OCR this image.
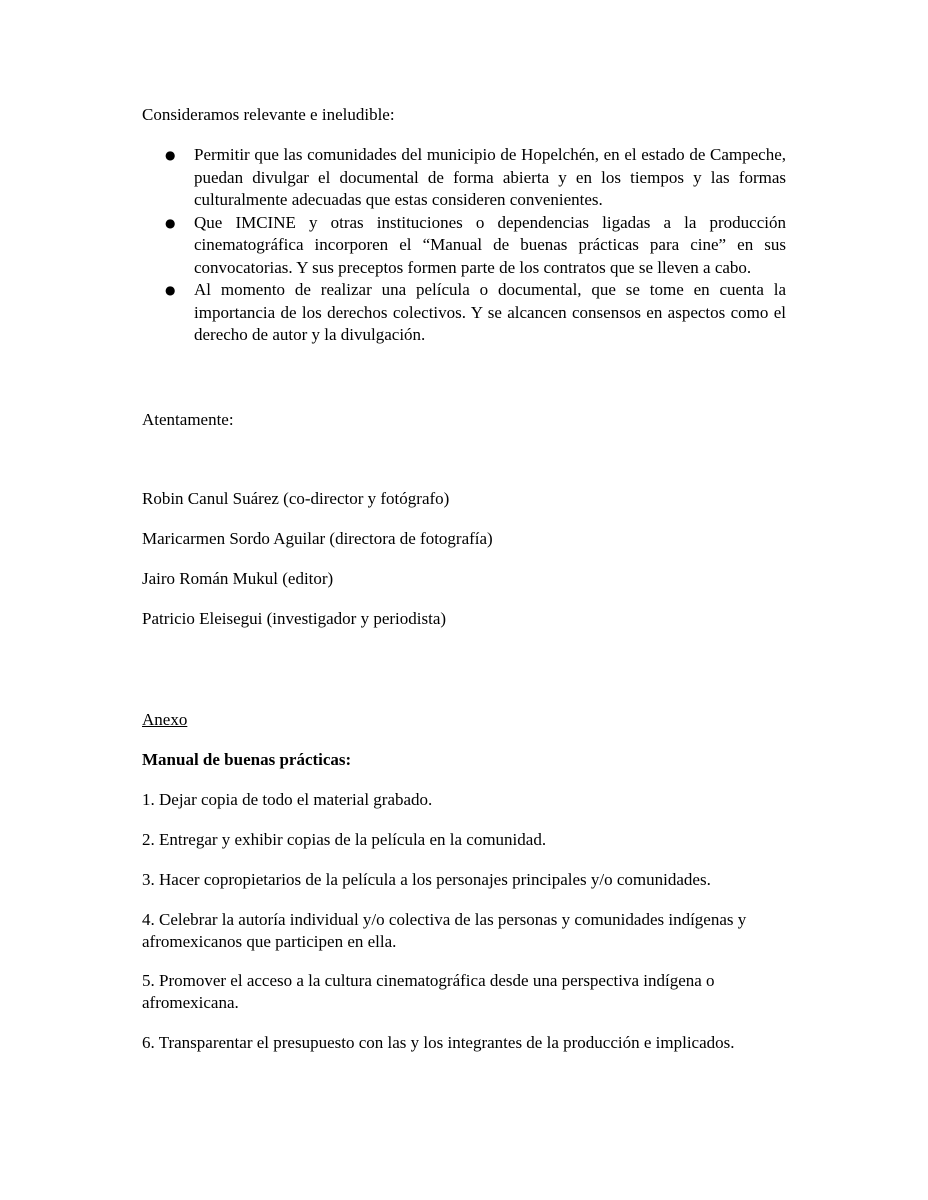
Consideramos relevante e ineludible:

● Permitir que las comunidades del municipio de Hopelchén, en el estado de Campeche, puedan divulgar el documental de forma abierta y en los tiempos y las formas culturalmente adecuadas que estas consideren convenientes.
● Que IMCINE y otras instituciones o dependencias ligadas a la producción cinematográfica incorporen el “Manual de buenas prácticas para cine” en sus convocatorias. Y sus preceptos formen parte de los contratos que se lleven a cabo.
● Al momento de realizar una película o documental, que se tome en cuenta la importancia de los derechos colectivos. Y se alcancen consensos en aspectos como el derecho de autor y la divulgación.

Atentamente:

Robin Canul Suárez (co-director y fotógrafo)

Maricarmen Sordo Aguilar (directora de fotografía)

Jairo Román Mukul (editor)

Patricio Eleisegui (investigador y periodista)

Anexo

Manual de buenas prácticas:

1. Dejar copia de todo el material grabado.

2. Entregar y exhibir copias de la película en la comunidad.

3. Hacer copropietarios de la película a los personajes principales y/o comunidades.

4. Celebrar la autoría individual y/o colectiva de las personas y comunidades indígenas y afromexicanos que participen en ella.

5. Promover el acceso a la cultura cinematográfica desde una perspectiva indígena o afromexicana.

6. Transparentar el presupuesto con las y los integrantes de la producción e implicados.
